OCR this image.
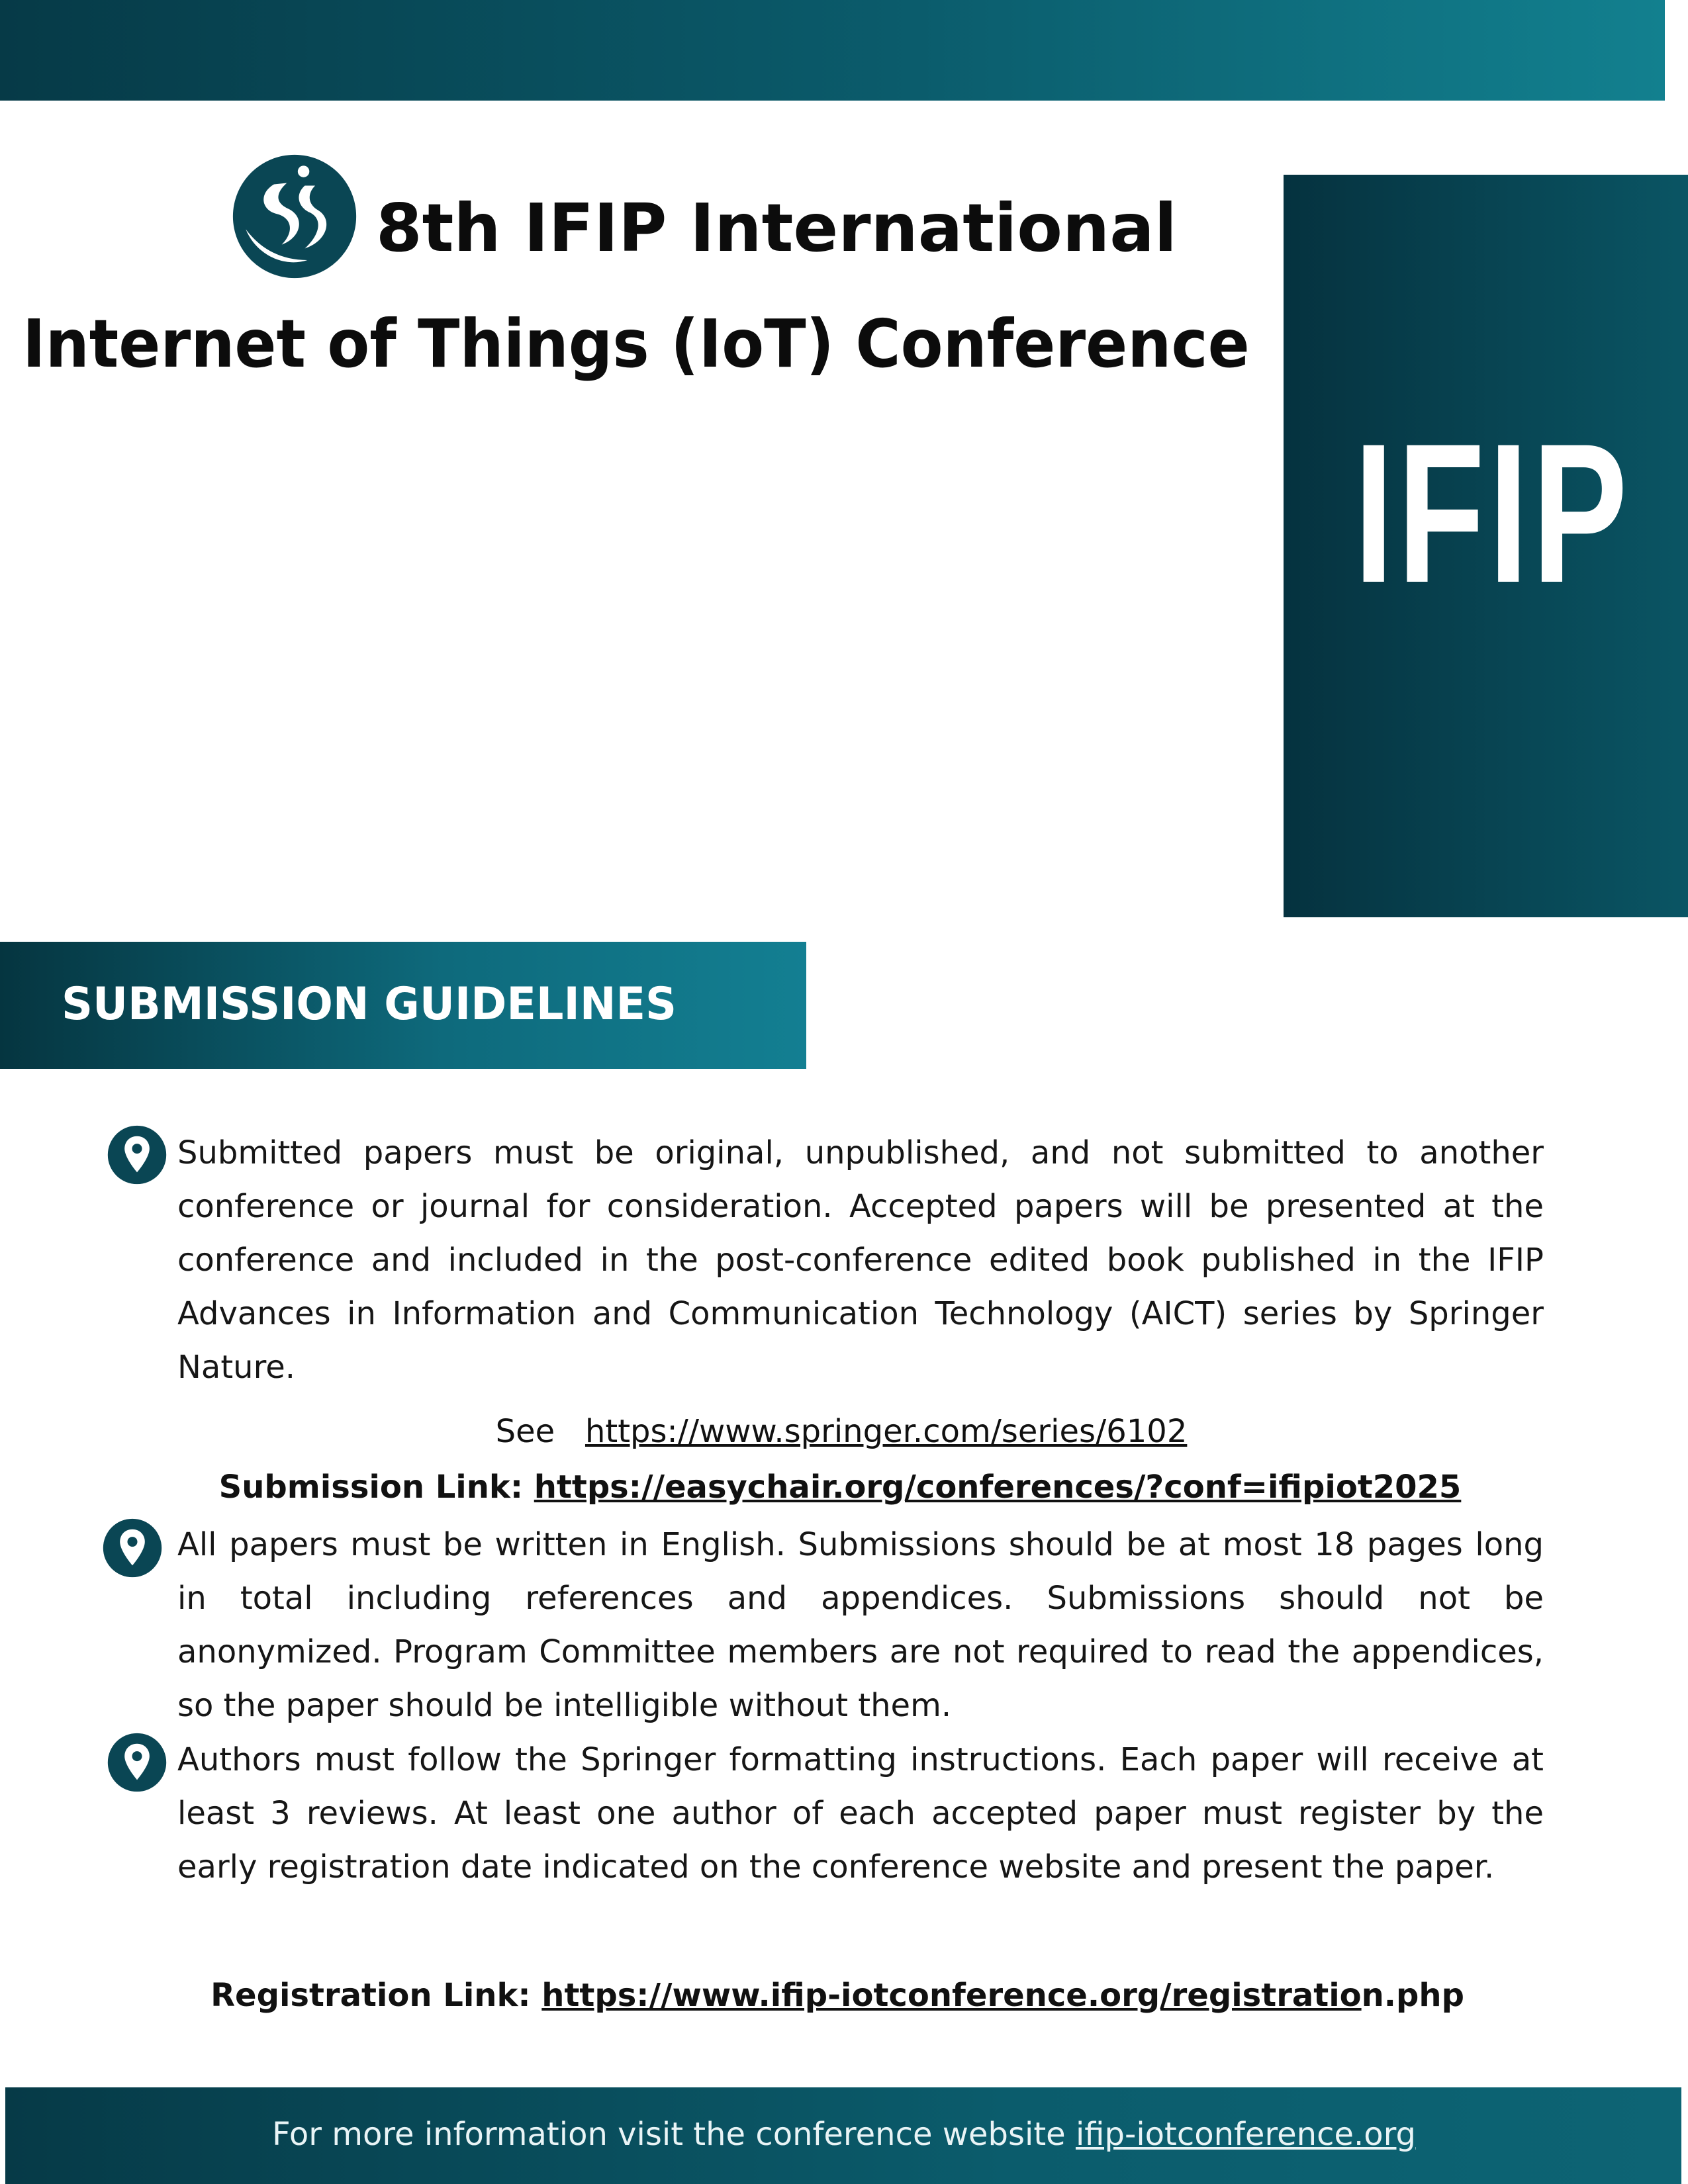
IFIP
8th IFIP International
Internet of Things (IoT) Conference
SUBMISSION GUIDELINES
Submitted papers must be original, unpublished, and not submitted to another conference or journal for consideration. Accepted papers will be presented at the conference and included in the post-conference edited book published in the IFIP Advances in Information and Communication Technology (AICT) series by Springer Nature.
See https://www.springer.com/series/6102
Submission Link: https://easychair.org/conferences/?conf=ifipiot2025
All papers must be written in English. Submissions should be at most 18 pages long in total including references and appendices. Submissions should not be anonymized. Program Committee members are not required to read the appendices, so the paper should be intelligible without them.
Authors must follow the Springer formatting instructions. Each paper will receive at least 3 reviews. At least one author of each accepted paper must register by the early registration date indicated on the conference website and present the paper.
Registration Link: https://www.ifip-iotconference.org/registration.php
For more information visit the conference website ifip-iotconference.org
